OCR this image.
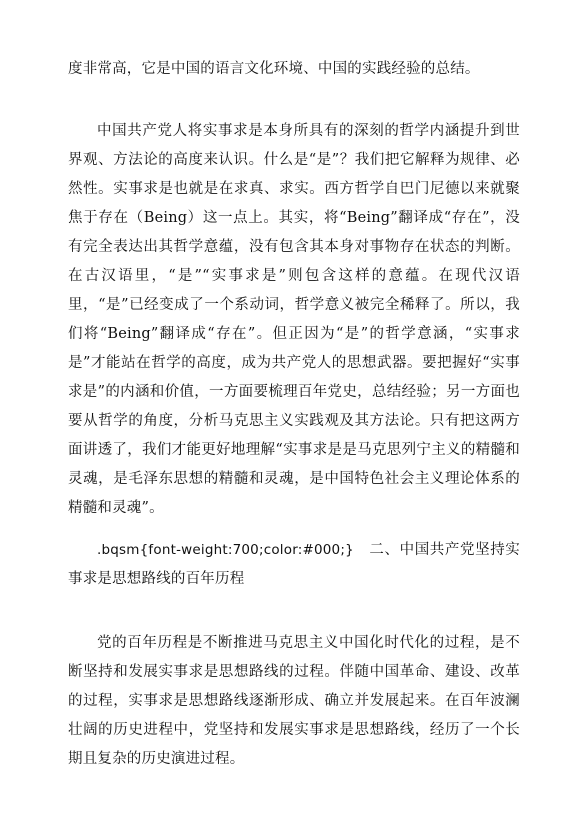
度非常高，它是中国的语言文化环境、中国的实践经验的总结。

中国共产党人将实事求是本身所具有的深刻的哲学内涵提升到世界观、方法论的高度来认识。什么是“是”？我们把它解释为规律、必然性。实事求是也就是在求真、求实。西方哲学自巴门尼德以来就聚焦于存在（Being）这一点上。其实，将“Being”翻译成“存在”，没有完全表达出其哲学意蕴，没有包含其本身对事物存在状态的判断。在古汉语里，“是”“实事求是”则包含这样的意蕴。在现代汉语里，“是”已经变成了一个系动词，哲学意义被完全稀释了。所以，我们将“Being”翻译成“存在”。但正因为“是”的哲学意涵，“实事求是”才能站在哲学的高度，成为共产党人的思想武器。要把握好“实事求是”的内涵和价值，一方面要梳理百年党史，总结经验；另一方面也要从哲学的角度，分析马克思主义实践观及其方法论。只有把这两方面讲透了，我们才能更好地理解“实事求是是马克思列宁主义的精髓和灵魂，是毛泽东思想的精髓和灵魂，是中国特色社会主义理论体系的精髓和灵魂”。

.bqsm{font-weight:700;color:#000;}　 二、中国共产党坚持实事求是思想路线的百年历程

党的百年历程是不断推进马克思主义中国化时代化的过程，是不断坚持和发展实事求是思想路线的过程。伴随中国革命、建设、改革的过程，实事求是思想路线逐渐形成、确立并发展起来。在百年波澜壮阔的历史进程中，党坚持和发展实事求是思想路线，经历了一个长期且复杂的历史演进过程。
